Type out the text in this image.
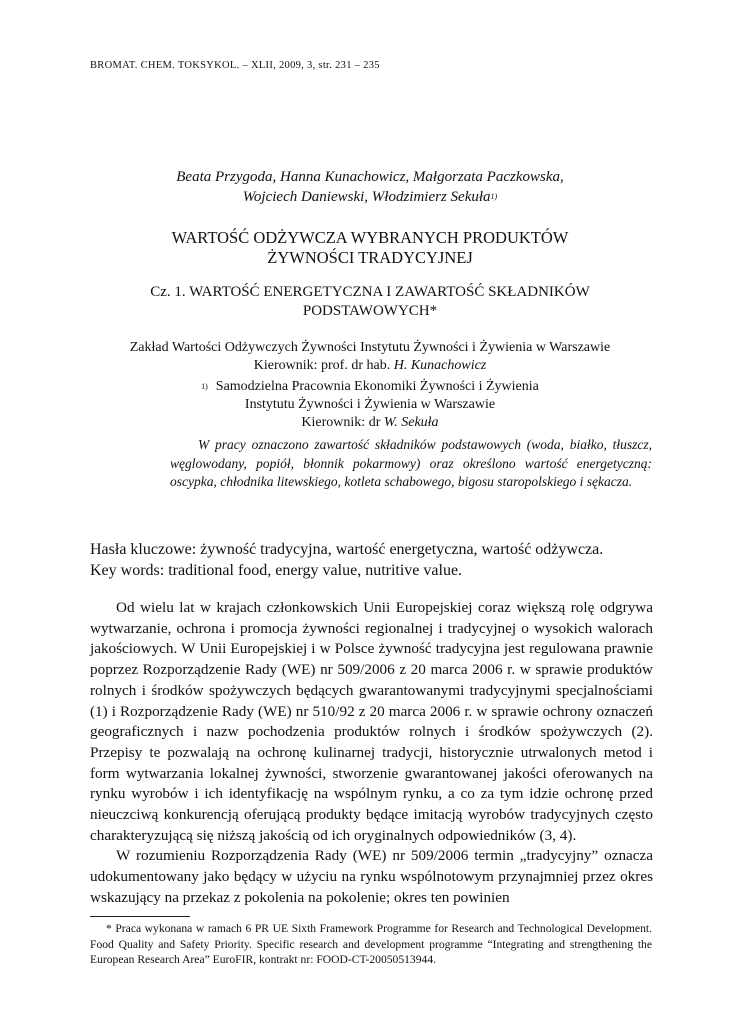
BROMAT. CHEM. TOKSYKOL. – XLII, 2009, 3, str. 231 – 235
Beata Przygoda, Hanna Kunachowicz, Małgorzata Paczkowska,
Wojciech Daniewski, Włodzimierz Sekuła$^{1)}$
WARTOŚĆ ODŻYWCZA WYBRANYCH PRODUKTÓW
ŻYWNOŚCI TRADYCYJNEJ
Cz. 1. WARTOŚĆ ENERGETYCZNA I ZAWARTOŚĆ SKŁADNIKÓW
PODSTAWOWYCH*
Zakład Wartości Odżywczych Żywności Instytutu Żywności i Żywienia w Warszawie
Kierownik: prof. dr hab. H. Kunachowicz
$^{1)}$ Samodzielna Pracownia Ekonomiki Żywności i Żywienia
Instytutu Żywności i Żywienia w Warszawie
Kierownik: dr W. Sekuła
W pracy oznaczono zawartość składników podstawowych (woda, białko, tłuszcz, węglowodany, popiół, błonnik pokarmowy) oraz określono wartość energetyczną: oscypka, chłodnika litewskiego, kotleta schabowego, bigosu staropolskiego i sękacza.
Hasła kluczowe: żywność tradycyjna, wartość energetyczna, wartość odżywcza.
Key words: traditional food, energy value, nutritive value.

Od wielu lat w krajach członkowskich Unii Europejskiej coraz większą rolę odgrywa wytwarzanie, ochrona i promocja żywności regionalnej i tradycyjnej o wysokich walorach jakościowych. W Unii Europejskiej i w Polsce żywność tradycyjna jest regulowana prawnie poprzez Rozporządzenie Rady (WE) nr 509/2006 z 20 marca 2006 r. w sprawie produktów rolnych i środków spożywczych będących gwarantowanymi tradycyjnymi specjalnościami (1) i Rozporządzenie Rady (WE) nr 510/92 z 20 marca 2006 r. w sprawie ochrony oznaczeń geograficznych i nazw pochodzenia produktów rolnych i środków spożywczych (2). Przepisy te pozwalają na ochronę kulinarnej tradycji, historycznie utrwalonych metod i form wytwarzania lokalnej żywności, stworzenie gwarantowanej jakości oferowanych na rynku wyrobów i ich identyfikację na wspólnym rynku, a co za tym idzie ochronę przed nieuczciwą konkurencją oferującą produkty będące imitacją wyrobów tradycyjnych często charakteryzującą się niższą jakością od ich oryginalnych odpowiedników (3, 4).

W rozumieniu Rozporządzenia Rady (WE) nr 509/2006 termin „tradycyjny” oznacza udokumentowany jako będący w użyciu na rynku wspólnotowym przynajmniej przez okres wskazujący na przekaz z pokolenia na pokolenie; okres ten powinien

* Praca wykonana w ramach 6 PR UE Sixth Framework Programme for Research and Technological Development. Food Quality and Safety Priority. Specific research and development programme “Integrating and strengthening the European Research Area” EuroFIR, kontrakt nr: FOOD-CT-20050513944.
